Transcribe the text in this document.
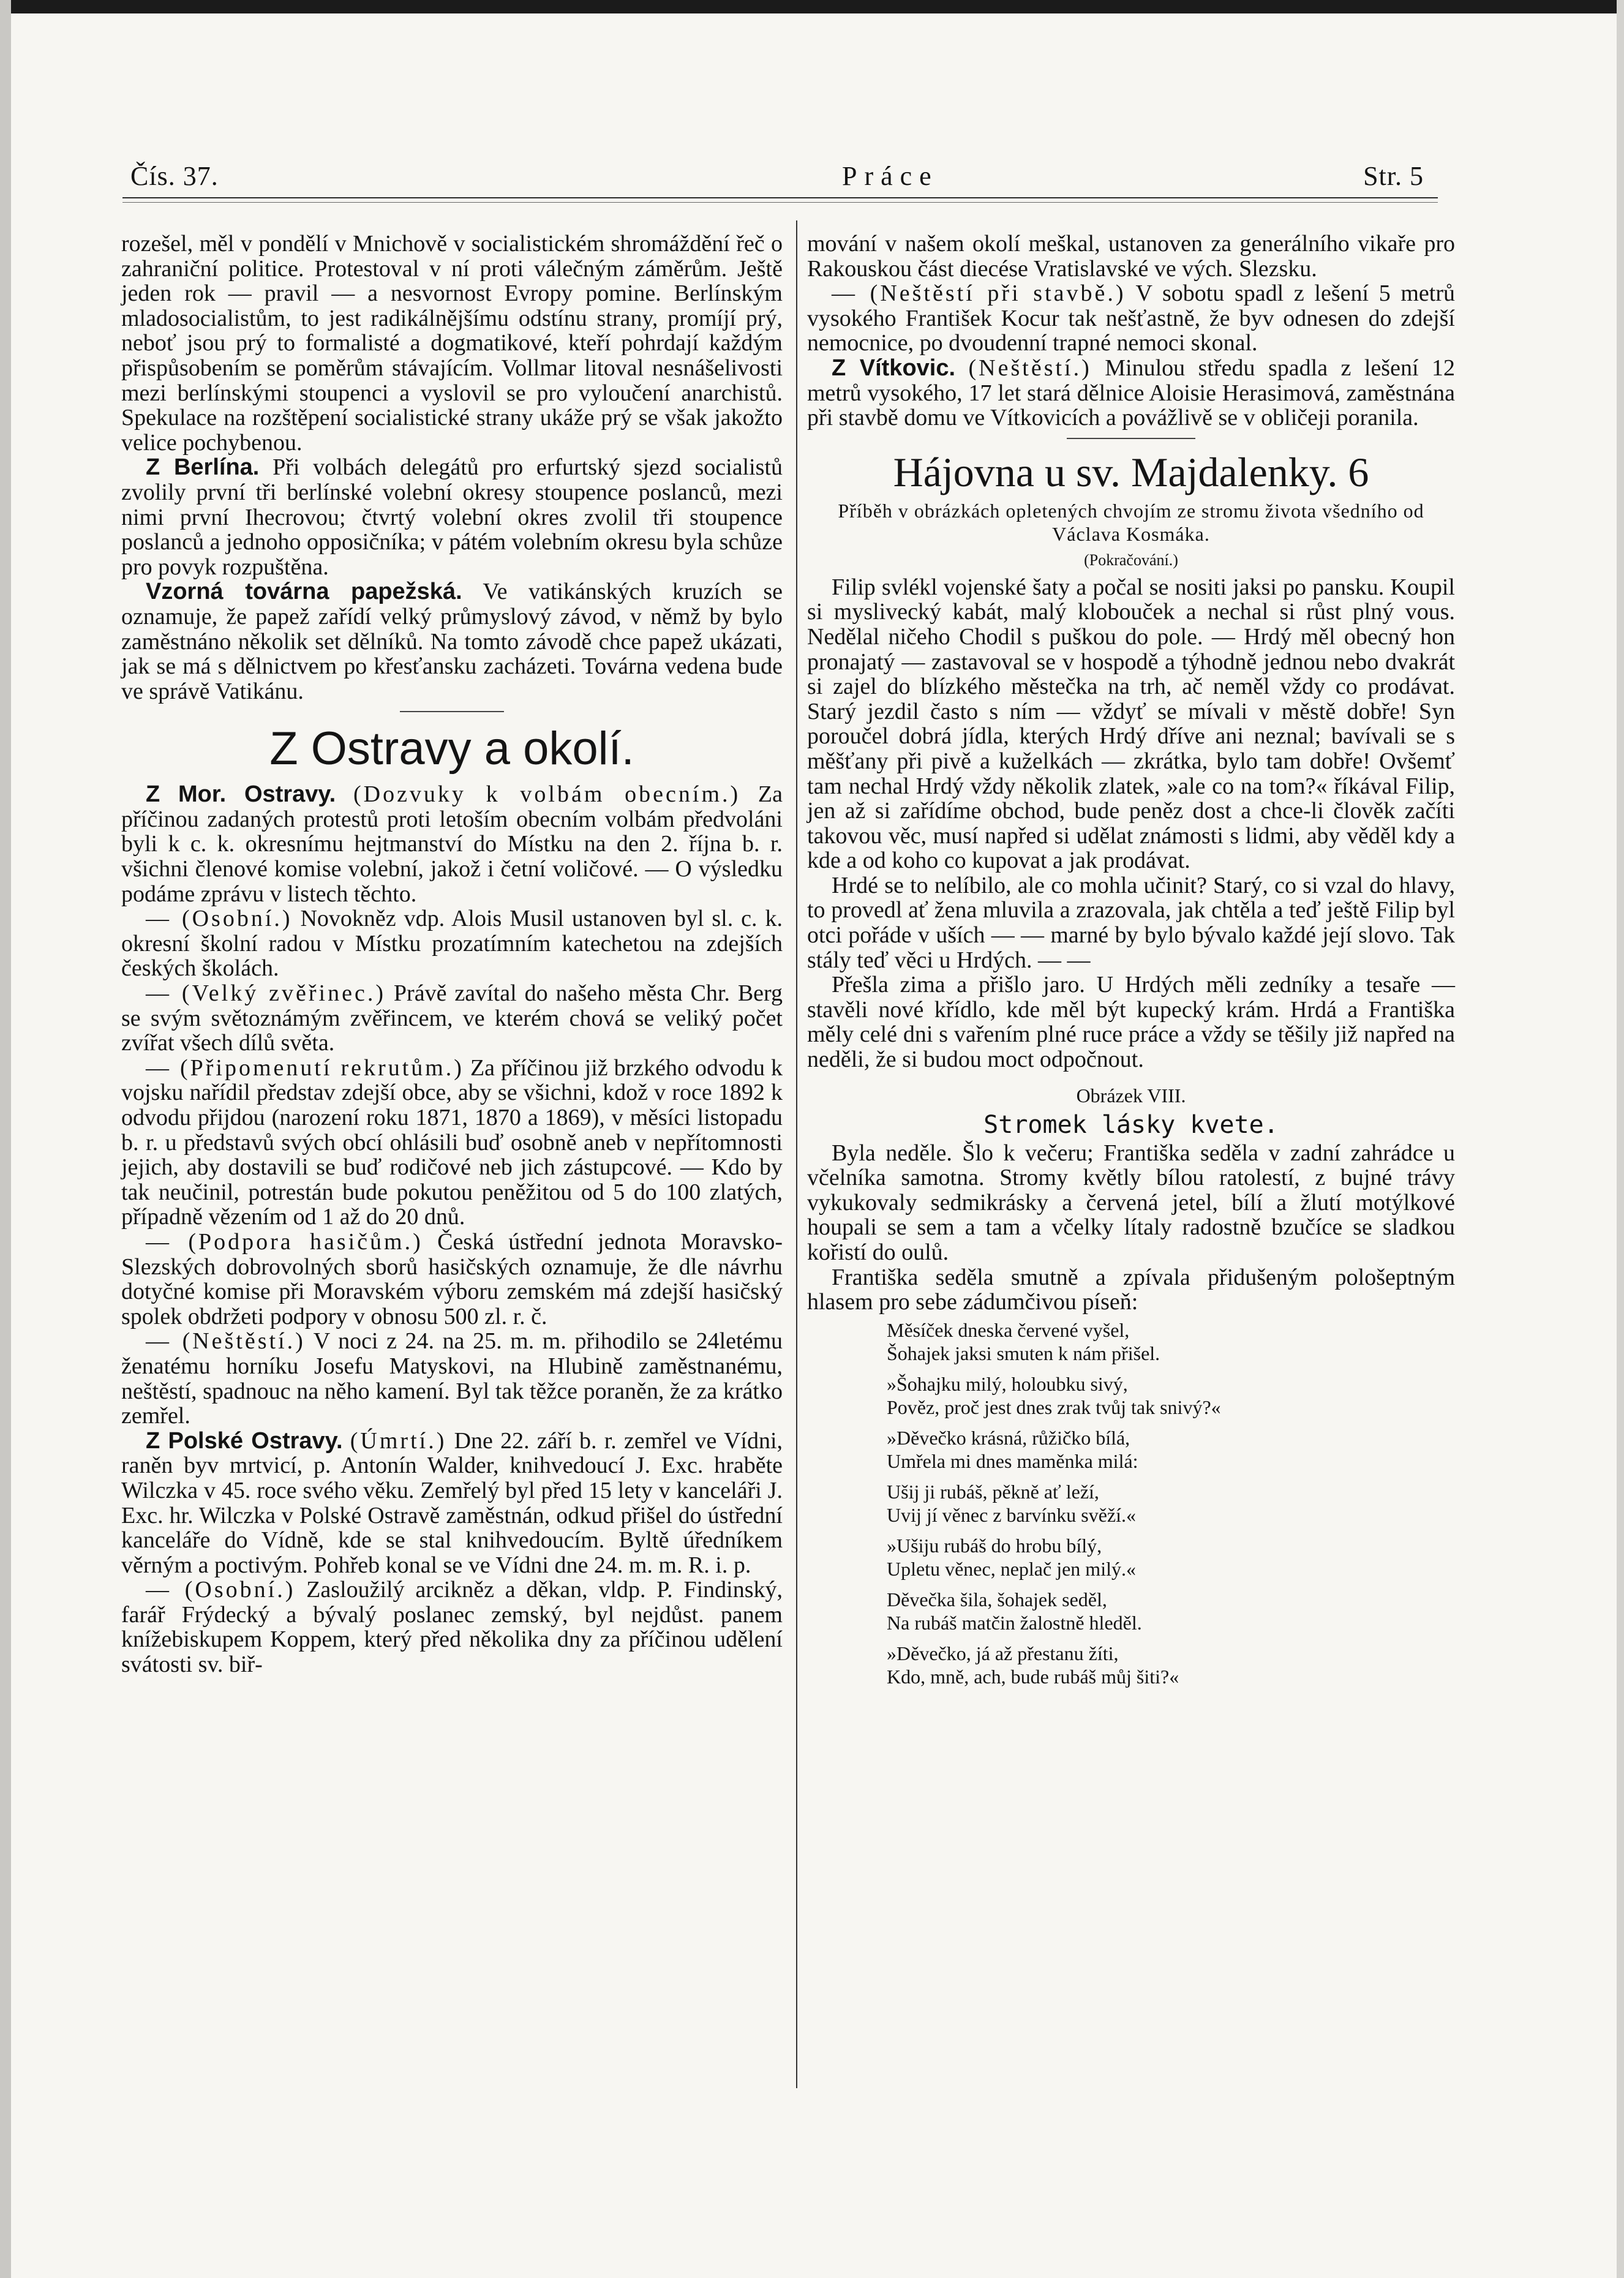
Čís. 37.	Práce	Str. 5

rozešel, měl v pondělí v Mnichově v socialistickém shromáždění řeč o zahraniční politice. Protestoval v ní proti válečným záměrům. Ještě jeden rok — pravil — a nesvornost Evropy pomine. Berlínským mladosocialistům, to jest radikálnějšímu odstínu strany, promíjí prý, neboť jsou prý to formalisté a dogmatikové, kteří pohrdají každým přispůsobením se poměrům stávajícím. Vollmar litoval nesnášelivosti mezi berlínskými stoupenci a vyslovil se pro vyloučení anarchistů. Spekulace na rozštěpení socialistické strany ukáže prý se však jakožto velice pochybenou.

Z Berlína. Při volbách delegátů pro erfurtský sjezd socialistů zvolily první tři berlínské volební okresy stoupence poslanců, mezi nimi první Ihecrovou; čtvrtý volební okres zvolil tři stoupence poslanců a jednoho opposičníka; v pátém volebním okresu byla schůze pro povyk rozpuštěna.

Vzorná továrna papežská. Ve vatikánských kruzích se oznamuje, že papež zařídí velký průmyslový závod, v němž by bylo zaměstnáno několik set dělníků. Na tomto závodě chce papež ukázati, jak se má s dělnictvem po křesťansku zacházeti. Továrna vedena bude ve správě Vatikánu.

Z Ostravy a okolí.

Z Mor. Ostravy. (Dozvuky k volbám obecním.) Za příčinou zadaných protestů proti letoším obecním volbám předvoláni byli k c. k. okresnímu hejtmanství do Místku na den 2. října b. r. všichni členové komise volební, jakož i četní voličové. — O výsledku podáme zprávu v listech těchto.

— (Osobní.) Novokněz vdp. Alois Musil ustanoven byl sl. c. k. okresní školní radou v Místku prozatímním katechetou na zdejších českých školách.

— (Velký zvěřinec.) Právě zavítal do našeho města Chr. Berg se svým světoznámým zvěřincem, ve kterém chová se veliký počet zvířat všech dílů světa.

— (Připomenutí rekrutům.) Za příčinou již brzkého odvodu k vojsku nařídil představ zdejší obce, aby se všichni, kdož v roce 1892 k odvodu přijdou (narození roku 1871, 1870 a 1869), v měsíci listopadu b. r. u představů svých obcí ohlásili buď osobně aneb v nepřítomnosti jejich, aby dostavili se buď rodičové neb jich zástupcové. — Kdo by tak neučinil, potrestán bude pokutou peněžitou od 5 do 100 zlatých, případně vězením od 1 až do 20 dnů.

— (Podpora hasičům.) Česká ústřední jednota Moravsko-Slezských dobrovolných sborů hasičských oznamuje, že dle návrhu dotyčné komise při Moravském výboru zemském má zdejší hasičský spolek obdržeti podpory v obnosu 500 zl. r. č.

— (Neštěstí.) V noci z 24. na 25. m. m. přihodilo se 24letému ženatému horníku Josefu Matyskovi, na Hlubině zaměstnanému, neštěstí, spadnouc na něho kamení. Byl tak těžce poraněn, že za krátko zemřel.

Z Polské Ostravy. (Úmrtí.) Dne 22. září b. r. zemřel ve Vídni, raněn byv mrtvicí, p. Antonín Walder, knihvedoucí J. Exc. hraběte Wilczka v 45. roce svého věku. Zemřelý byl před 15 lety v kanceláři J. Exc. hr. Wilczka v Polské Ostravě zaměstnán, odkud přišel do ústřední kanceláře do Vídně, kde se stal knihvedoucím. Byltě úředníkem věrným a poctivým. Pohřeb konal se ve Vídni dne 24. m. m. R. i. p.

— (Osobní.) Zasloužilý arcikněz a děkan, vldp. P. Findinský, farář Frýdecký a bývalý poslanec zemský, byl nejdůst. panem knížebiskupem Koppem, který před několika dny za příčinou udělení svátosti sv. biř-

mování v našem okolí meškal, ustanoven za generálního vikaře pro Rakouskou část diecése Vratislavské ve vých. Slezsku.

— (Neštěstí při stavbě.) V sobotu spadl z lešení 5 metrů vysokého František Kocur tak nešťastně, že byv odnesen do zdejší nemocnice, po dvoudenní trapné nemoci skonal.

Z Vítkovic. (Neštěstí.) Minulou středu spadla z lešení 12 metrů vysokého, 17 let stará dělnice Aloisie Herasimová, zaměstnána při stavbě domu ve Vítkovicích a povážlivě se v obličeji poranila.

Hájovna u sv. Majdalenky. 6
Příběh v obrázkách opletených chvojím ze stromu života všedního od Václava Kosmáka.
(Pokračování.)

Filip svlékl vojenské šaty a počal se nositi jaksi po pansku. Koupil si myslivecký kabát, malý klobouček a nechal si růst plný vous. Nedělal ničeho Chodil s puškou do pole. — Hrdý měl obecný hon pronajatý — zastavoval se v hospodě a týhodně jednou nebo dvakrát si zajel do blízkého městečka na trh, ač neměl vždy co prodávat. Starý jezdil často s ním — vždyť se mívali v městě dobře! Syn poroučel dobrá jídla, kterých Hrdý dříve ani neznal; bavívali se s měšťany při pivě a kuželkách — zkrátka, bylo tam dobře! Ovšemť tam nechal Hrdý vždy několik zlatek, »ale co na tom?« říkával Filip, jen až si zařídíme obchod, bude peněz dost a chce-li člověk začíti takovou věc, musí napřed si udělat známosti s lidmi, aby věděl kdy a kde a od koho co kupovat a jak prodávat.

Hrdé se to nelíbilo, ale co mohla učinit? Starý, co si vzal do hlavy, to provedl ať žena mluvila a zrazovala, jak chtěla a teď ještě Filip byl otci pořáde v uších — — marné by bylo bývalo každé její slovo. Tak stály teď věci u Hrdých. — —

Přešla zima a přišlo jaro. U Hrdých měli zedníky a tesaře — stavěli nové křídlo, kde měl být kupecký krám. Hrdá a Františka měly celé dni s vařením plné ruce práce a vždy se těšily již napřed na neděli, že si budou moct odpočnout.

Obrázek VIII.
Stromek lásky kvete.

Byla neděle. Šlo k večeru; Františka seděla v zadní zahrádce u včelníka samotna. Stromy květly bílou ratolestí, z bujné trávy vykukovaly sedmikrásky a červená jetel, bílí a žlutí motýlkové houpali se sem a tam a včelky lítaly radostně bzučíce se sladkou kořistí do oulů.

Františka seděla smutně a zpívala přidušeným pološeptným hlasem pro sebe zádumčivou píseň:

Měsíček dneska červené vyšel,
Šohajek jaksi smuten k nám přišel.
»Šohajku milý, holoubku sivý,
Pověz, proč jest dnes zrak tvůj tak snivý?«
»Děvečko krásná, růžičko bílá,
Umřela mi dnes maměnka milá:
Ušij ji rubáš, pěkně ať leží,
Uvij jí věnec z barvínku svěží.«
»Ušiju rubáš do hrobu bílý,
Upletu věnec, neplač jen milý.«
Děvečka šila, šohajek seděl,
Na rubáš matčin žalostně hleděl.
»Děvečko, já až přestanu žíti,
Kdo, mně, ach, bude rubáš můj šiti?«
